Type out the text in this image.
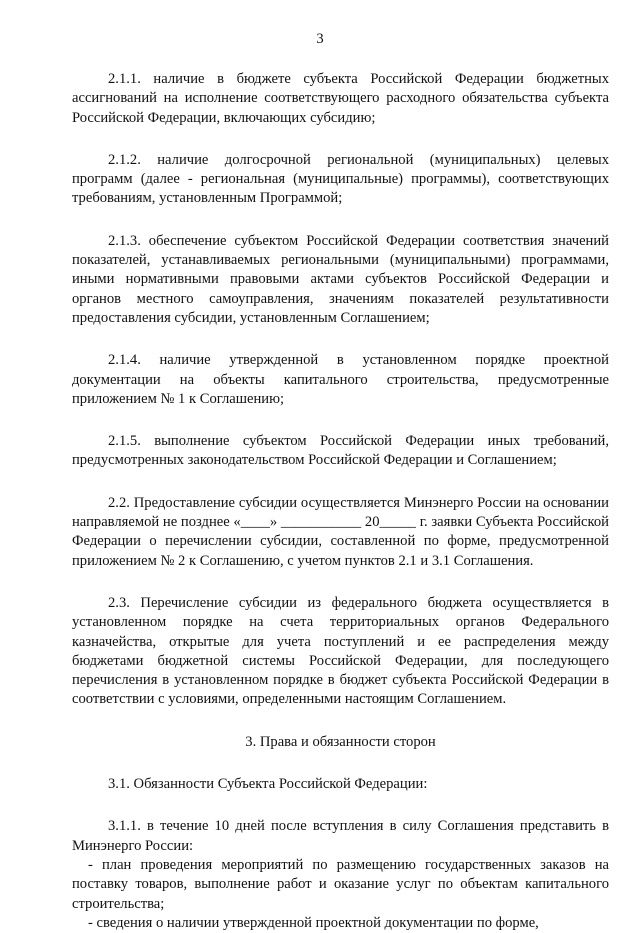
3

2.1.1. наличие в бюджете субъекта Российской Федерации бюджетных ассигнований на исполнение соответствующего расходного обязательства субъекта Российской Федерации, включающих субсидию;

2.1.2. наличие долгосрочной региональной (муниципальных) целевых программ (далее - региональная (муниципальные) программы), соответствующих требованиям, установленным Программой;

2.1.3. обеспечение субъектом Российской Федерации соответствия значений показателей, устанавливаемых региональными (муниципальными) программами, иными нормативными правовыми актами субъектов Российской Федерации и органов местного самоуправления, значениям показателей результативности предоставления субсидии, установленным Соглашением;

2.1.4. наличие утвержденной в установленном порядке проектной документации на объекты капитального строительства, предусмотренные приложением № 1 к Соглашению;

2.1.5. выполнение субъектом Российской Федерации иных требований, предусмотренных законодательством Российской Федерации и Соглашением;

2.2. Предоставление субсидии осуществляется Минэнерго России на основании направляемой не позднее «____» ___________ 20_____ г. заявки Субъекта Российской Федерации о перечислении субсидии, составленной по форме, предусмотренной приложением № 2 к Соглашению, с учетом пунктов 2.1 и 3.1 Соглашения.

2.3. Перечисление субсидии из федерального бюджета осуществляется в установленном порядке на счета территориальных органов Федерального казначейства, открытые для учета поступлений и ее распределения между бюджетами бюджетной системы Российской Федерации, для последующего перечисления в установленном порядке в бюджет субъекта Российской Федерации в соответствии с условиями, определенными настоящим Соглашением.

3. Права и обязанности сторон

3.1. Обязанности Субъекта Российской Федерации:

3.1.1. в течение 10 дней после вступления в силу Соглашения представить в Минэнерго России:

- план проведения мероприятий по размещению государственных заказов на поставку товаров, выполнение работ и оказание услуг по объектам капитального строительства;

- сведения о наличии утвержденной проектной документации по форме,
